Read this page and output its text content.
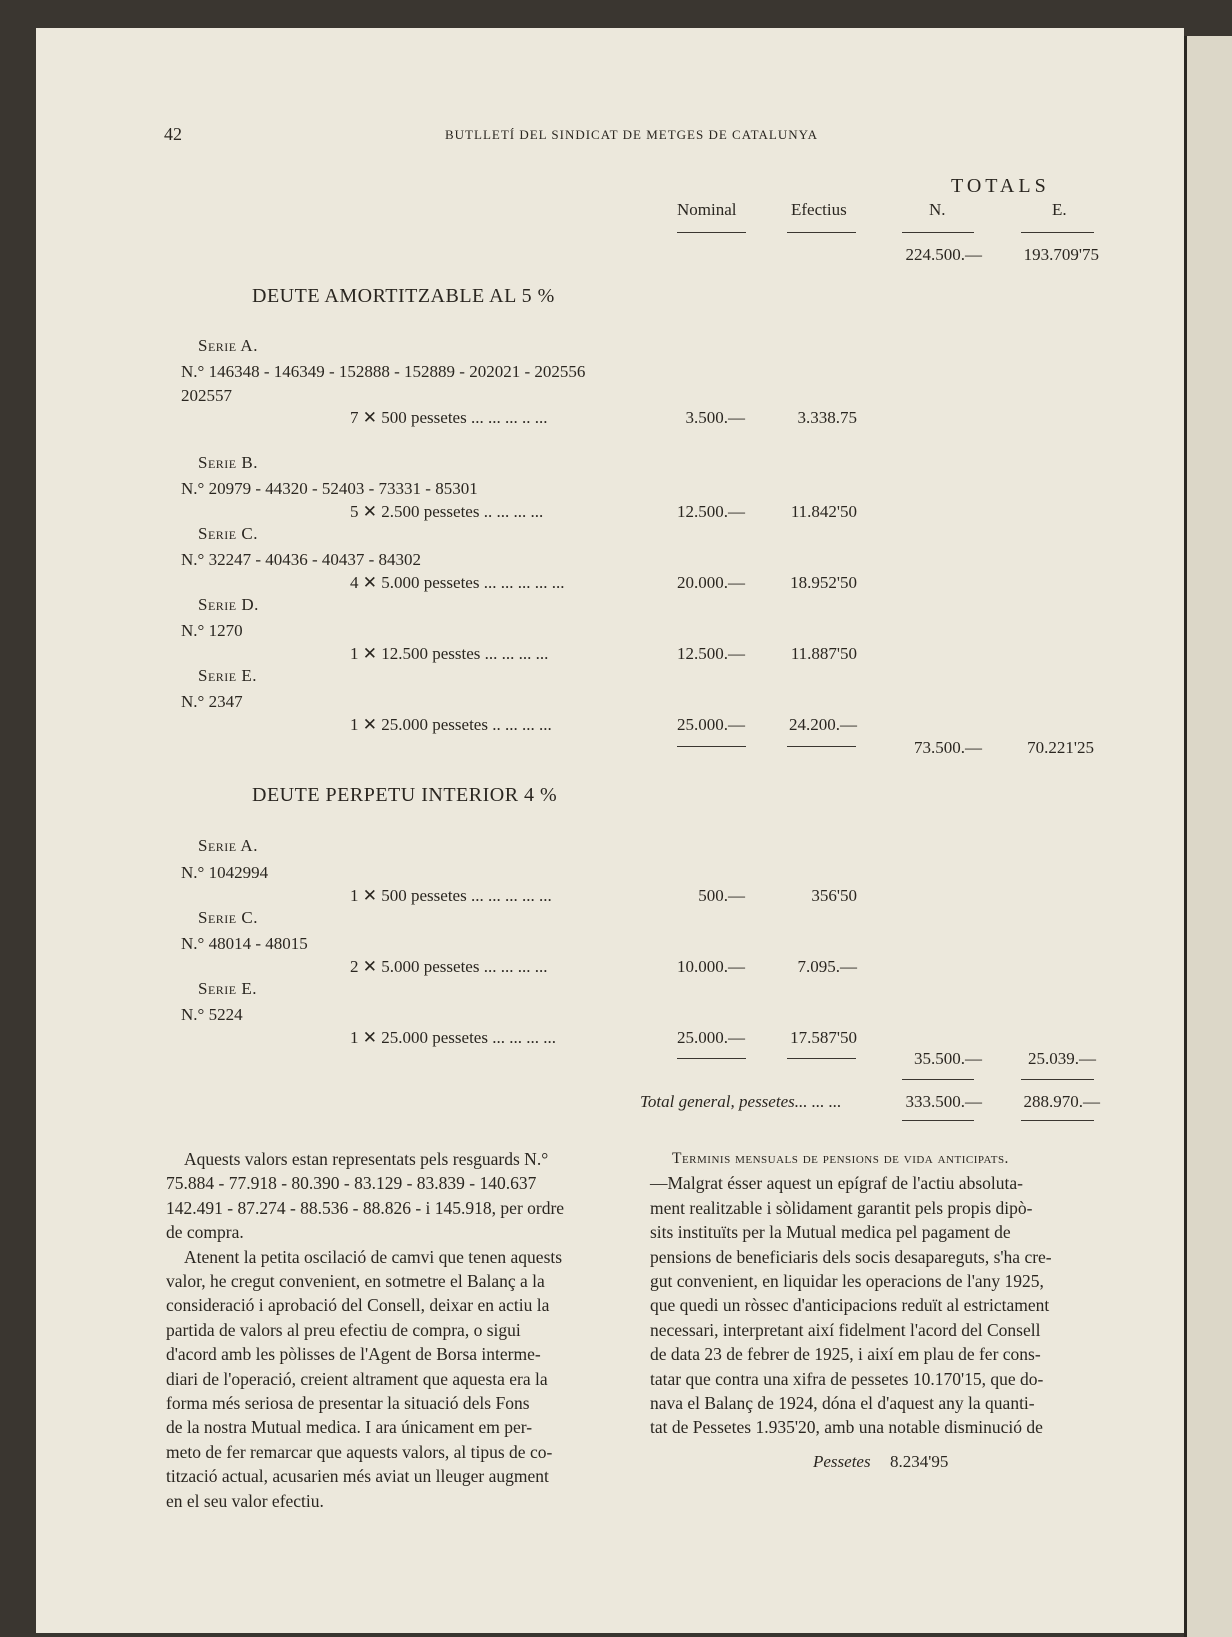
42	BUTLLETÍ DEL SINDICAT DE METGES DE CATALUNYA
TOTALS
Nominal	Efectius	N.	E.
224.500.— 193.709'75
DEUTE AMORTITZABLE AL 5 %
Serie A.
N.° 146348 - 146349 - 152888 - 152889 - 202021 - 202556
202557
7 ✕ 500 pessetes ... ... ... .. ...	3.500.—	3.338.75
Serie B.
N.° 20979 - 44320 - 52403 - 73331 - 85301
5 ✕ 2.500 pessetes .. ... ... ...	12.500.—	11.842'50
Serie C.
N.° 32247 - 40436 - 40437 - 84302
4 ✕ 5.000 pessetes ... ... ... ... ...	20.000.—	18.952'50
Serie D.
N.° 1270
1 ✕ 12.500 pesstes ... ... ... ...	12.500.—	11.887'50
Serie E.
N.° 2347
1 ✕ 25.000 pessetes .. ... ... ...	25.000.—	24.200.—
73.500.—	70.221'25
DEUTE PERPETU INTERIOR 4 %
Serie A.
N.° 1042994
1 ✕ 500 pessetes ... ... ... ... ...	500.—	356'50
Serie C.
N.° 48014 - 48015
2 ✕ 5.000 pessetes ... ... ... ...	10.000.—	7.095.—
Serie E.
N.° 5224
1 ✕ 25.000 pessetes ... ... ... ...	25.000.—	17.587'50
35.500.—	25.039.—
Total general, pessetes... ... ...	333.500.— 288.970.—
Aquests valors estan representats pels resguards N.°
75.884 - 77.918 - 80.390 - 83.129 - 83.839 - 140.637
142.491 - 87.274 - 88.536 - 88.826 - i 145.918, per ordre
de compra.
Atenent la petita oscilació de camvi que tenen aquests
valor, he cregut convenient, en sotmetre el Balanç a la
consideració i aprobació del Consell, deixar en actiu la
partida de valors al preu efectiu de compra, o sigui
d'acord amb les pòlisses de l'Agent de Borsa interme-
diari de l'operació, creient altrament que aquesta era la
forma més seriosa de presentar la situació dels Fons
de la nostra Mutual medica. I ara únicament em per-
meto de fer remarcar que aquests valors, al tipus de co-
tització actual, acusarien més aviat un lleuger augment
en el seu valor efectiu.
Terminis mensuals de pensions de vida anticipats.
—Malgrat ésser aquest un epígraf de l'actiu absoluta-
ment realitzable i sòlidament garantit pels propis dipò-
sits instituïts per la Mutual medica pel pagament de
pensions de beneficiaris dels socis desapareguts, s'ha cre-
gut convenient, en liquidar les operacions de l'any 1925,
que quedi un ròssec d'anticipacions reduït al estrictament
necessari, interpretant així fidelment l'acord del Consell
de data 23 de febrer de 1925, i així em plau de fer cons-
tatar que contra una xifra de pessetes 10.170'15, que do-
nava el Balanç de 1924, dóna el d'aquest any la quanti-
tat de Pessetes 1.935'20, amb una notable disminució de
Pessetes 8.234'95
